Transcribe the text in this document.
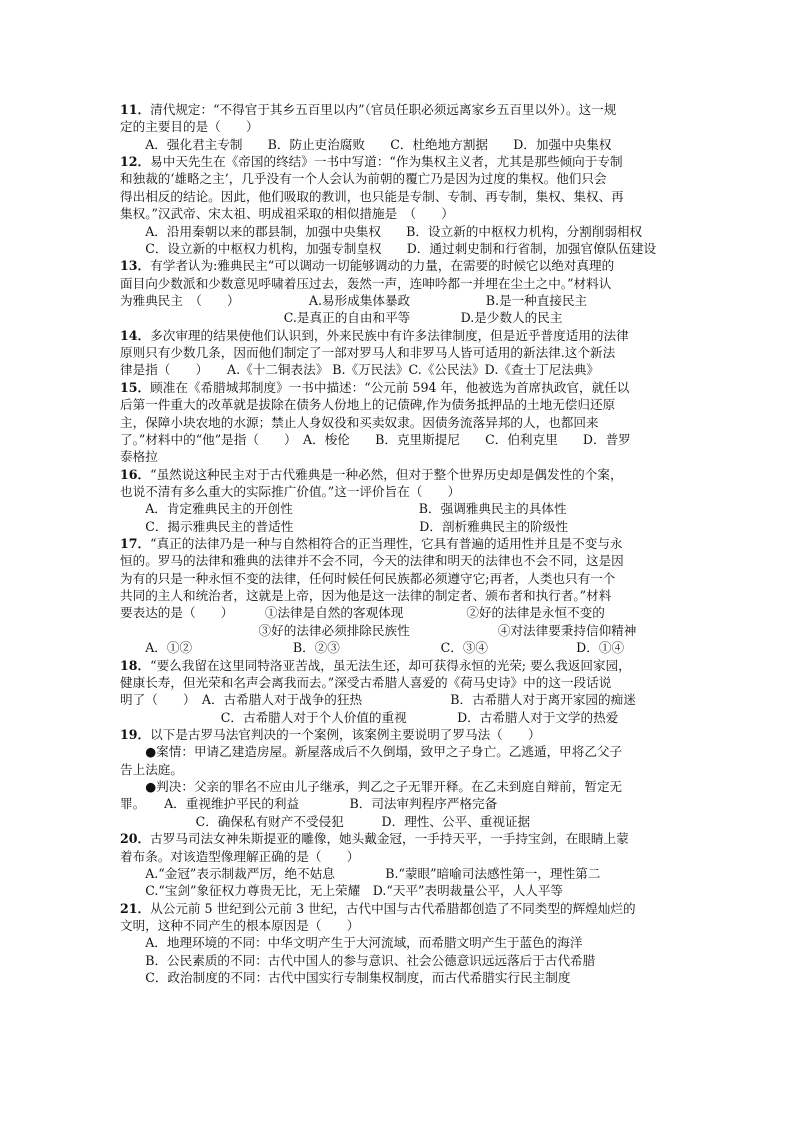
11．清代规定：“不得官于其乡五百里以内”（官员任职必须远离家乡五百里以外）。这一规
定的主要目的是（　　）
　　A．强化君主专制　　B．防止吏治腐败　　C．杜绝地方割据　　D．加强中央集权
12．易中天先生在《帝国的终结》一书中写道：“作为集权主义者，尤其是那些倾向于专制
和独裁的‘雄略之主’，几乎没有一个人会认为前朝的覆亡乃是因为过度的集权。他们只会
得出相反的结论。因此，他们吸取的教训，也只能是专制、专制、再专制，集权、集权、再
集权。”汉武帝、宋太祖、明成祖采取的相似措施是　（　　）
　　A．沿用秦朝以来的郡县制，加强中央集权　　B．设立新的中枢权力机构，分割削弱相权
　　C．设立新的中枢权力机构，加强专制皇权　　D．通过刺史制和行省制，加强官僚队伍建设
13．有学者认为:雅典民主“可以调动一切能够调动的力量，在需要的时候它以绝对真理的
面目向少数派和少数意见呼啸着压过去，轰然一声，连呻吟都一并埋在尘土之中。”材料认
为雅典民主　（　　）　　　　　　A.易形成集体暴政　　　　　　B.是一种直接民主
　　　　　　　　　　　　　C.是真正的自由和平等　　　　D.是少数人的民主
14．多次审理的结果使他们认识到，外来民族中有许多法律制度，但是近乎普度适用的法律
原则只有少数几条，因而他们制定了一部对罗马人和非罗马人皆可适用的新法律.这个新法
律是指（　　）　　A.《十二铜表法》 B.《万民法》C.《公民法》D.《查士丁尼法典》
15．顾准在《希腊城邦制度》一书中描述：“公元前 594 年，他被选为首席执政官，就任以
后第一件重大的改革就是拔除在债务人份地上的记债碑,作为债务抵押品的土地无偿归还原
主，保障小块农地的水源；禁止人身奴役和买卖奴隶。因债务流落异邦的人，也都回来
了。”材料中的“他”是指（　　）　A．梭伦　　B．克里斯提尼　　C．伯利克里　　D．普罗
泰格拉
16．“虽然说这种民主对于古代雅典是一种必然，但对于整个世界历史却是偶发性的个案，
也说不清有多么重大的实际推广价值。”这一评价旨在（　　）
　　A．肯定雅典民主的开创性　　　　　　　　　　B．强调雅典民主的具体性
　　C．揭示雅典民主的普适性　　　　　　　　　　D．剖析雅典民主的阶级性
17．“真正的法律乃是一种与自然相符合的正当理性，它具有普遍的适用性并且是不变与永
恒的。罗马的法律和雅典的法律并不会不同，今天的法律和明天的法律也不会不同，这是因
为有的只是一种永恒不变的法律，任何时候任何民族都必须遵守它;再者，人类也只有一个
共同的主人和统治者，这就是上帝，因为他是这一法律的制定者、颁布者和执行者。”材料
要表达的是（　　）　　　①法律是自然的客观体现　　　　　②好的法律是永恒不变的
　　　　　　　　　　　③好的法律必须排除民族性　　　　　　　④对法律要秉持信仰精神
　　A．①②　　　　　　　　B．②③　　　　　　　　C．③④　　　　　　　D．①④
18．“要么我留在这里同特洛亚苦战，虽无法生还，却可获得永恒的光荣; 要么我返回家园，
健康长寿，但光荣和名声会离我而去。”深受古希腊人喜爱的《荷马史诗》中的这一段话说
明了（　　）　A．古希腊人对于战争的狂热　　　　　　　B．古希腊人对于离开家园的痴迷
　　　　　　　　C．古希腊人对于个人价值的重视　　　　D．古希腊人对于文学的热爱
19．以下是古罗马法官判决的一个案例，该案例主要说明了罗马法（　　）
　　●案情：甲请乙建造房屋。新屋落成后不久倒塌，致甲之子身亡。乙逃遁，甲将乙父子
告上法庭。
　　●判决：父亲的罪名不应由儿子继承，判乙之子无罪开释。在乙未到庭自辩前，暂定无
罪。　　A．重视维护平民的利益　　　　B．司法审判程序严格完备
　　　　　　C．确保私有财产不受侵犯　　　D．理性、公平、重视证据
20．古罗马司法女神朱斯提亚的雕像，她头戴金冠，一手持天平，一手持宝剑，在眼睛上蒙
着布条。对该造型像理解正确的是（　　）
　　A.“金冠”表示制裁严厉，绝不姑息　　　　B.“蒙眼”暗喻司法感性第一，理性第二
　　C.“宝剑”象征权力尊贵无比，无上荣耀　D.“天平”表明裁量公平，人人平等
21．从公元前 5 世纪到公元前 3 世纪，古代中国与古代希腊都创造了不同类型的辉煌灿烂的
文明，这种不同产生的根本原因是（　　）
　　A．地理环境的不同：中华文明产生于大河流域，而希腊文明产生于蓝色的海洋
　　B．公民素质的不同：古代中国人的参与意识、社会公德意识远远落后于古代希腊
　　C．政治制度的不同：古代中国实行专制集权制度，而古代希腊实行民主制度
